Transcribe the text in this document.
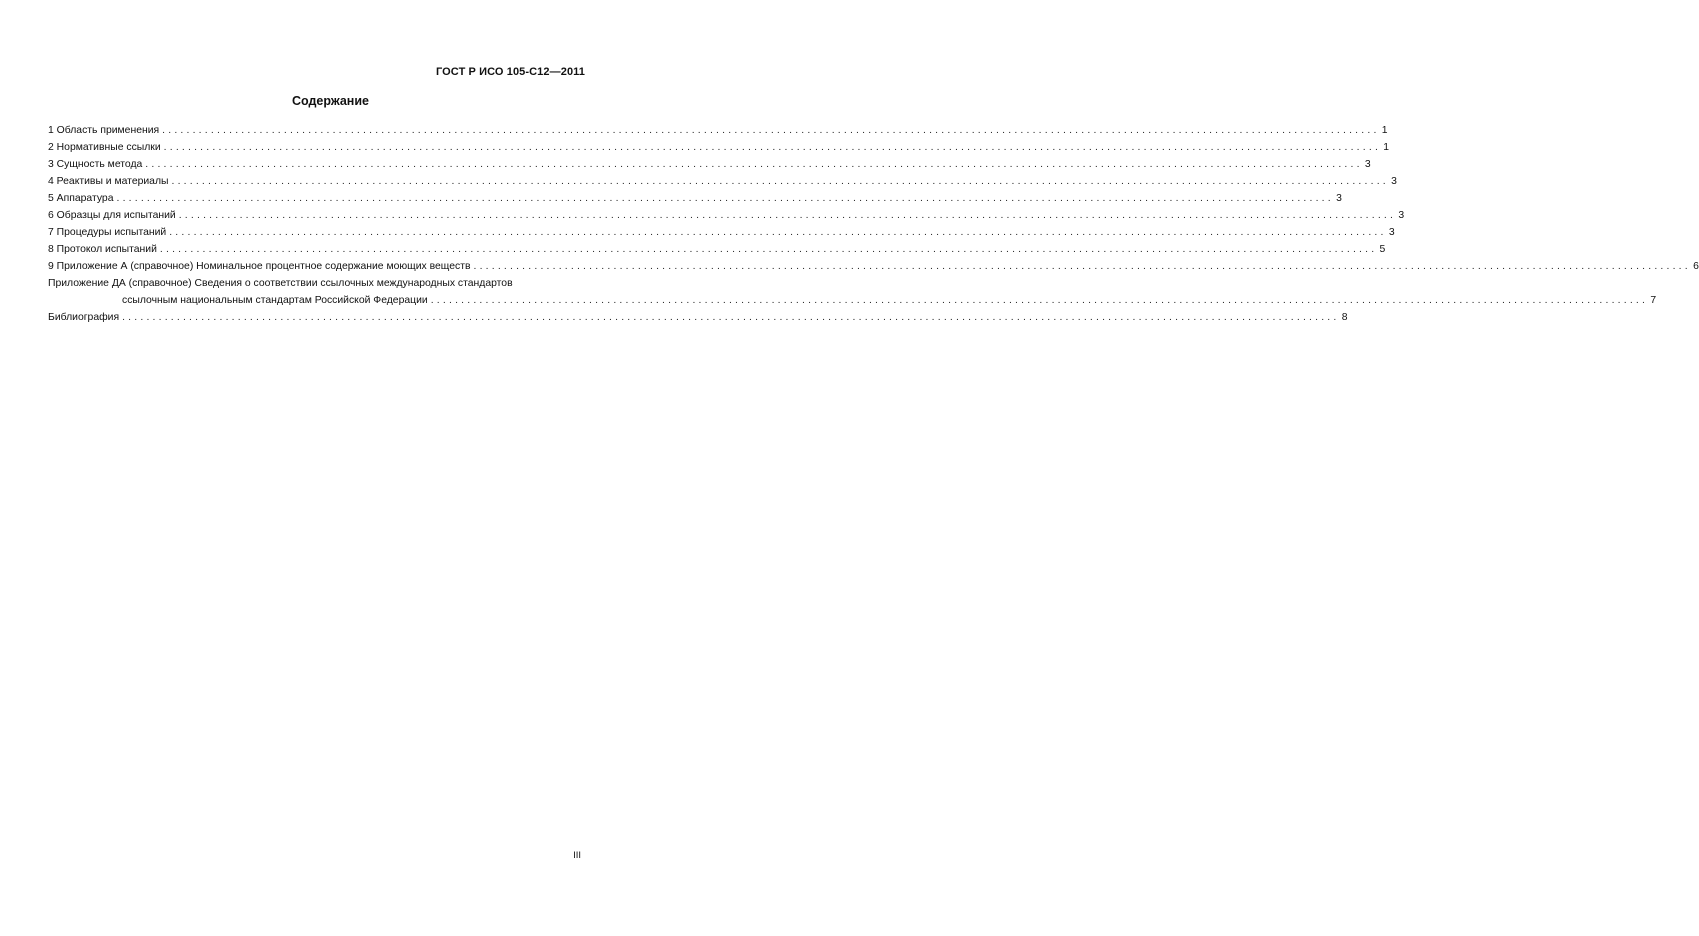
ГОСТ Р ИСО 105-С12—2011
Содержание
1 Область применения ........................................................................................................................................................................................................ 1
2 Нормативные ссылки ........................................................................................................................................................................................................ 1
3 Сущность метода ........................................................................................................................................................................................................ 3
4 Реактивы и материалы ........................................................................................................................................................................................................ 3
5 Аппаратура ........................................................................................................................................................................................................ 3
6 Образцы для испытаний ........................................................................................................................................................................................................ 3
7 Процедуры испытаний ........................................................................................................................................................................................................ 3
8 Протокол испытаний ........................................................................................................................................................................................................ 5
9 Приложение А (справочное) Номинальное процентное содержание моющих веществ ........................................................................................................................................................................................................ 6
Приложение ДА (справочное) Сведения о соответствии ссылочных международных стандартов
ссылочным национальным стандартам Российской Федерации ........................................................................................................................................................................................................ 7
Библиография ........................................................................................................................................................................................................ 8
III
